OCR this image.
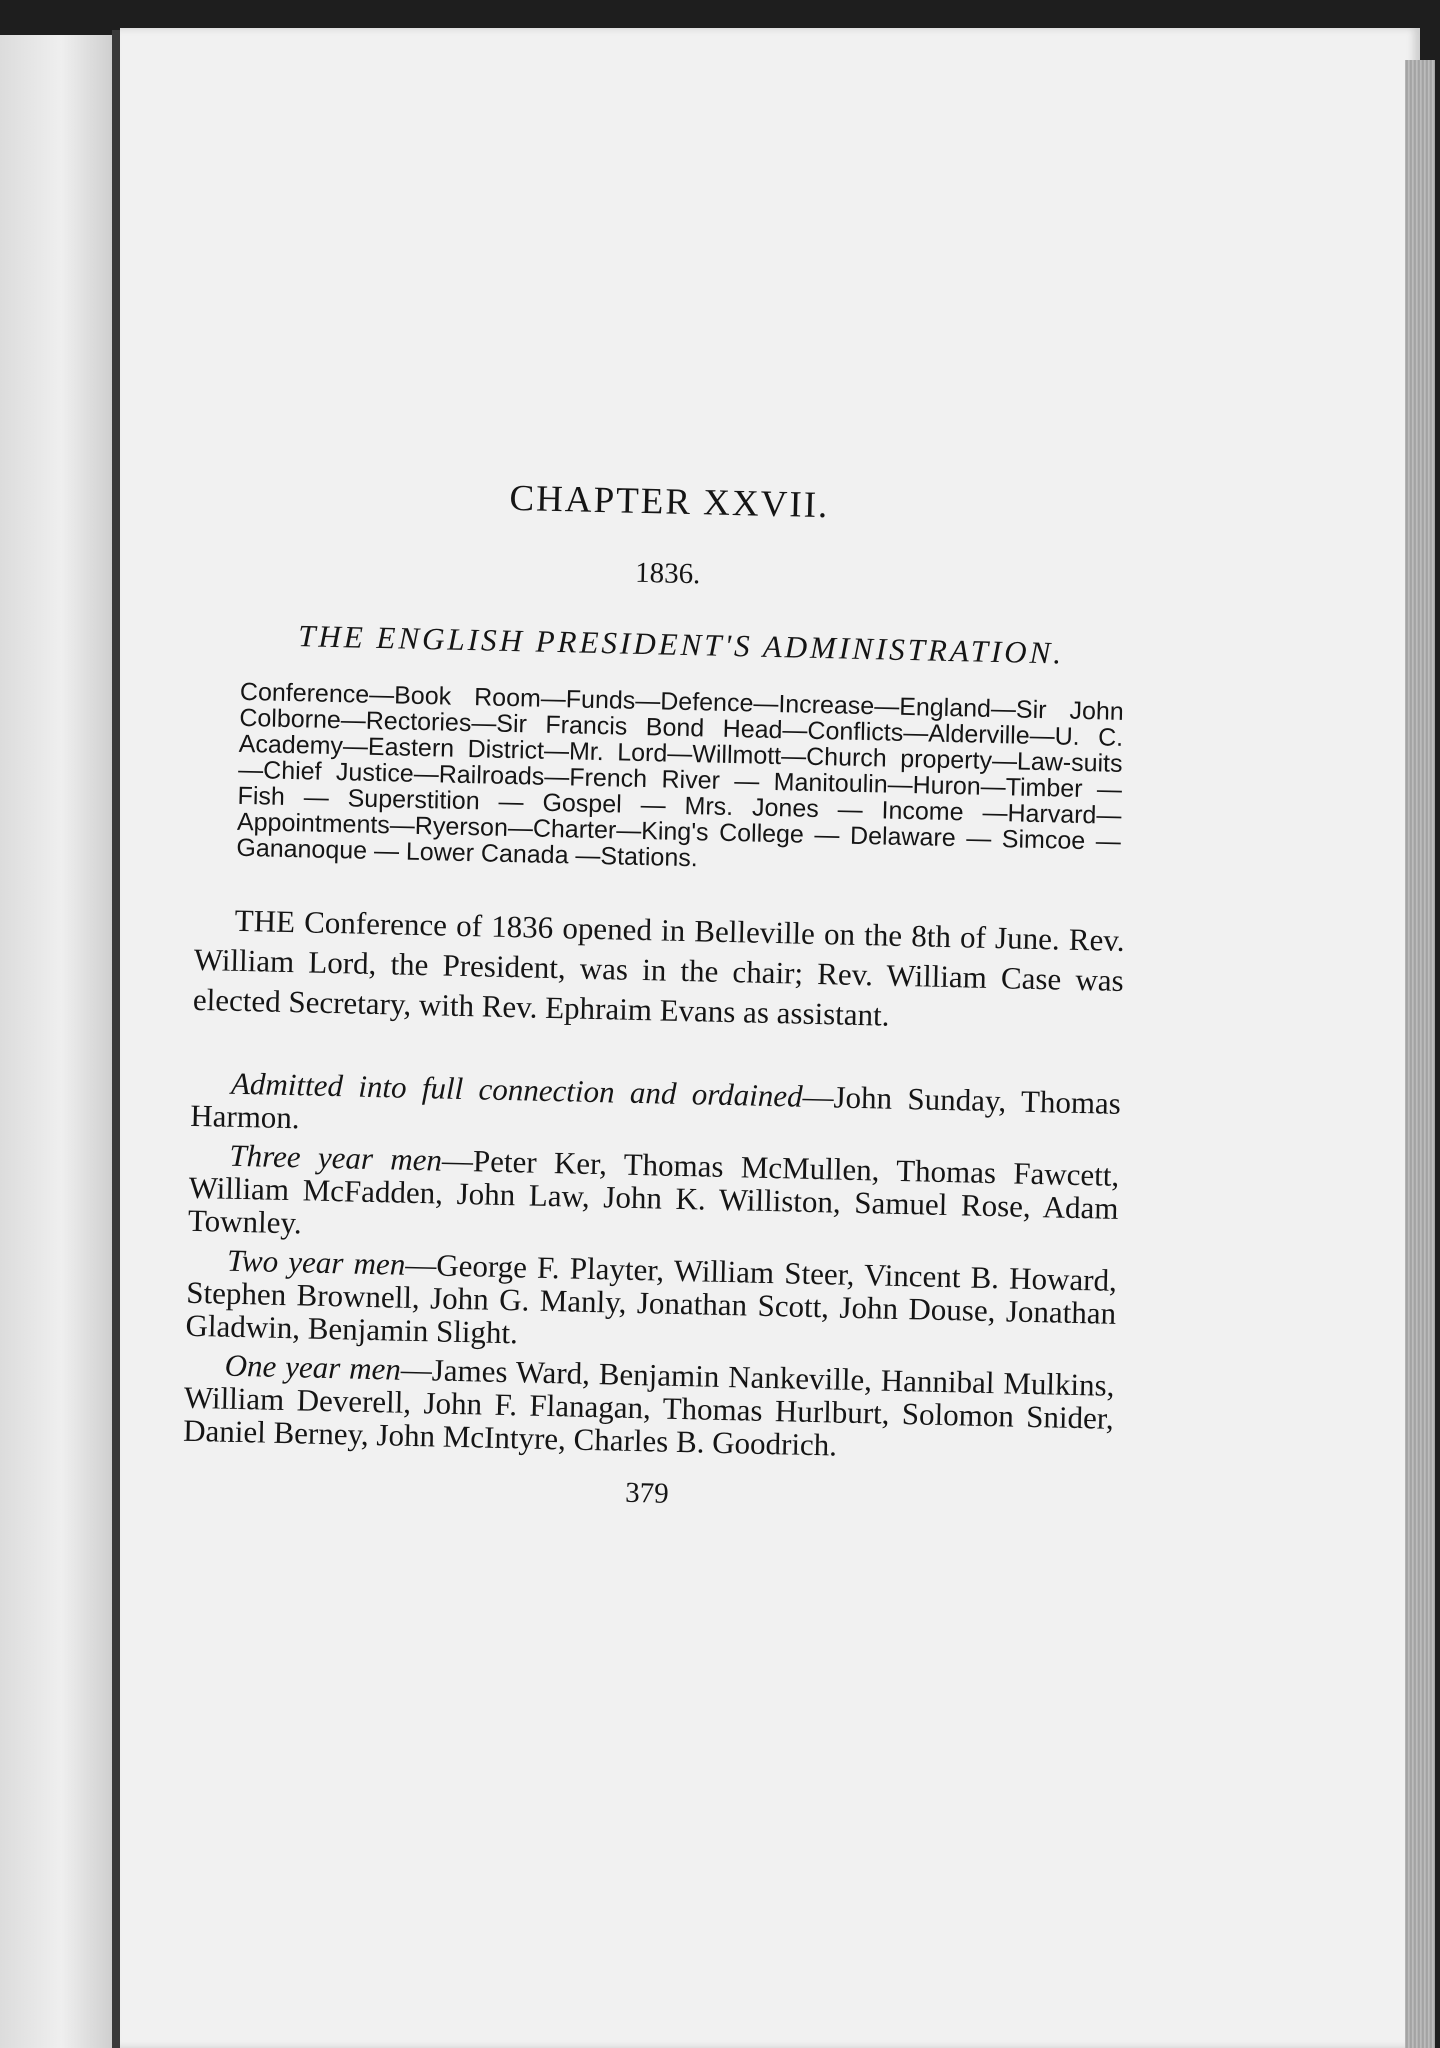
CHAPTER XXVII.
1836.
THE ENGLISH PRESIDENT'S ADMINISTRATION.

Conference—Book Room—Funds—Defence—Increase—England—Sir John Colborne—Rectories—Sir Francis Bond Head—Conflicts—Alderville—U. C. Academy—Eastern District—Mr. Lord—Willmott—Church property—Law-suits—Chief Justice—Railroads—French River — Manitoulin—Huron—Timber — Fish — Superstition — Gospel — Mrs. Jones — Income —Harvard—Appointments—Ryerson—Charter—King's College — Delaware — Simcoe — Gananoque — Lower Canada —Stations.

THE Conference of 1836 opened in Belleville on the 8th of June. Rev. William Lord, the President, was in the chair; Rev. William Case was elected Secretary, with Rev. Ephraim Evans as assistant.

Admitted into full connection and ordained—John Sunday, Thomas Harmon.

Three year men—Peter Ker, Thomas McMullen, Thomas Fawcett, William McFadden, John Law, John K. Williston, Samuel Rose, Adam Townley.

Two year men—George F. Playter, William Steer, Vincent B. Howard, Stephen Brownell, John G. Manly, Jonathan Scott, John Douse, Jonathan Gladwin, Benjamin Slight.

One year men—James Ward, Benjamin Nankeville, Hannibal Mulkins, William Deverell, John F. Flanagan, Thomas Hurlburt, Solomon Snider, Daniel Berney, John McIntyre, Charles B. Goodrich.

379
